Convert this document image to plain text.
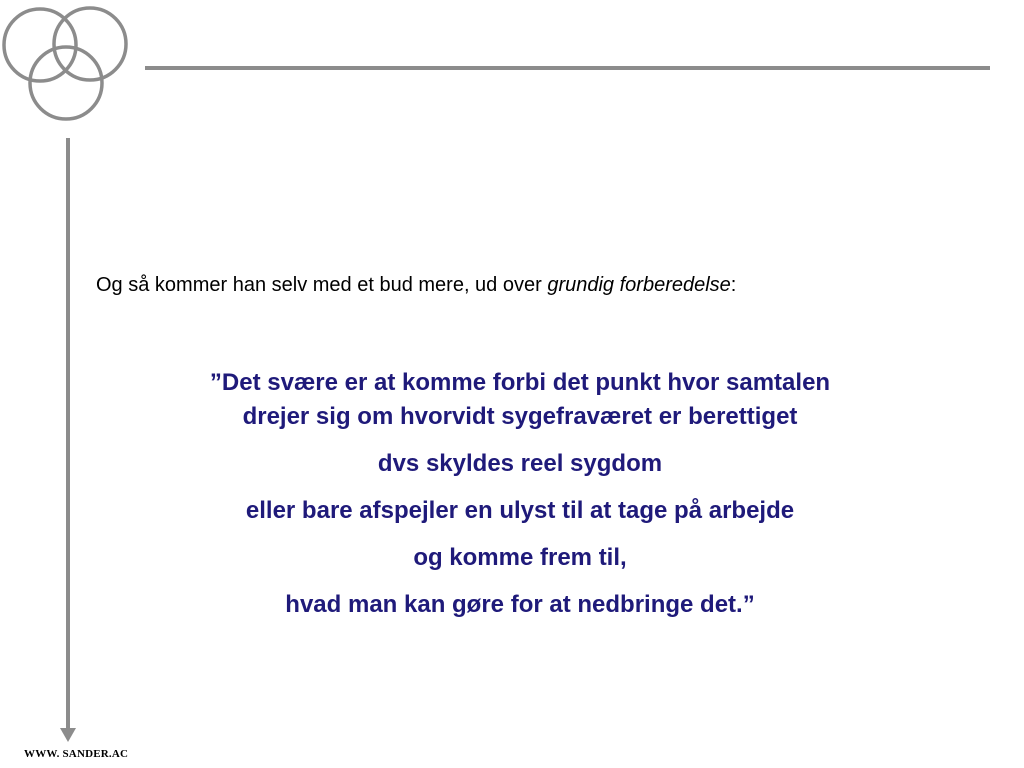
Og så kommer han selv med et bud mere, ud over grundig forberedelse:

”Det svære er at komme forbi det punkt hvor samtalen
drejer sig om hvorvidt sygefraværet er berettiget

dvs skyldes reel sygdom

eller bare afspejler en ulyst til at tage på arbejde

og komme frem til,

hvad man kan gøre for at nedbringe det.”

WWW. SANDER.AC
